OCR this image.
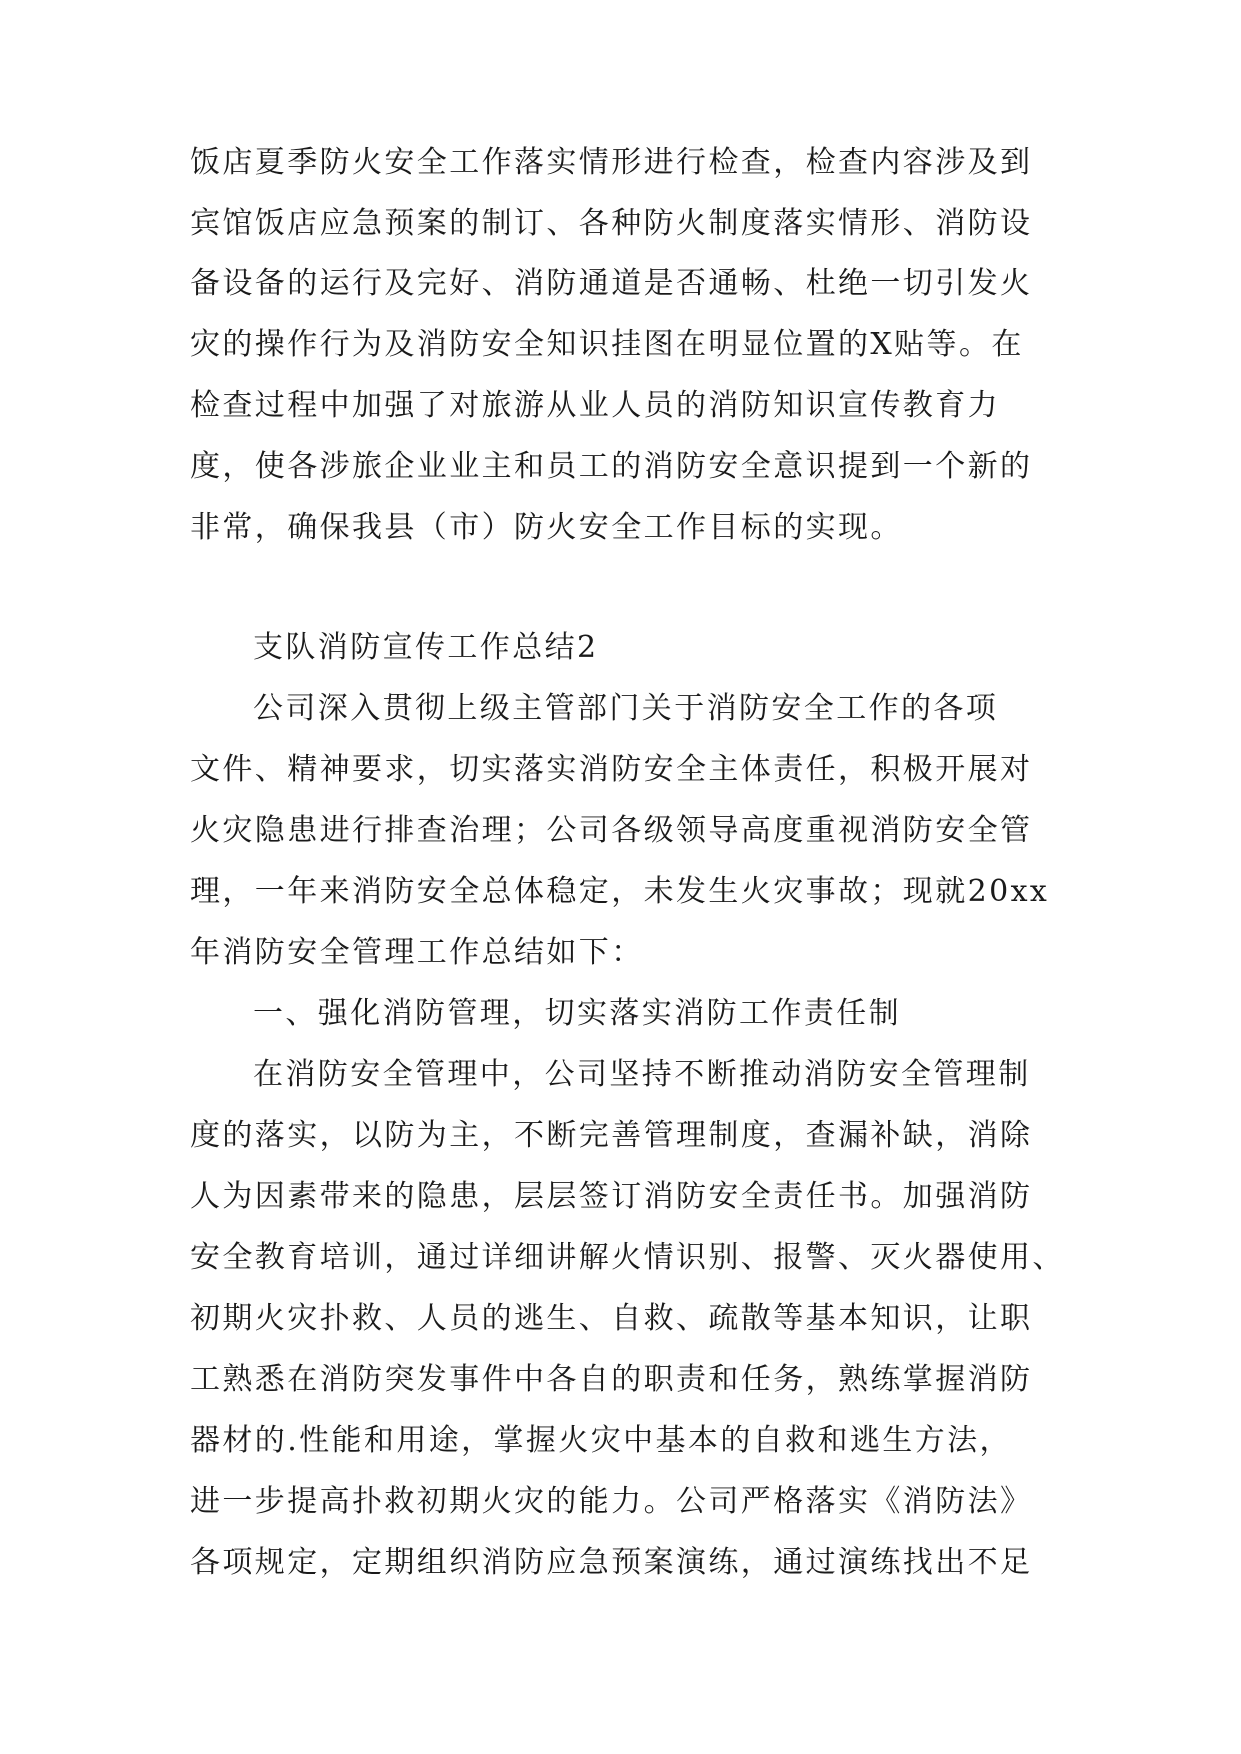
饭店夏季防火安全工作落实情形进行检查，检查内容涉及到
宾馆饭店应急预案的制订、各种防火制度落实情形、消防设
备设备的运行及完好、消防通道是否通畅、杜绝一切引发火
灾的操作行为及消防安全知识挂图在明显位置的X贴等。在
检查过程中加强了对旅游从业人员的消防知识宣传教育力
度，使各涉旅企业业主和员工的消防安全意识提到一个新的
非常，确保我县（市）防火安全工作目标的实现。
支队消防宣传工作总结2
公司深入贯彻上级主管部门关于消防安全工作的各项
文件、精神要求，切实落实消防安全主体责任，积极开展对
火灾隐患进行排查治理；公司各级领导高度重视消防安全管
理，一年来消防安全总体稳定，未发生火灾事故；现就20xx
年消防安全管理工作总结如下：
一、强化消防管理，切实落实消防工作责任制
在消防安全管理中，公司坚持不断推动消防安全管理制
度的落实，以防为主，不断完善管理制度，查漏补缺，消除
人为因素带来的隐患，层层签订消防安全责任书。加强消防
安全教育培训，通过详细讲解火情识别、报警、灭火器使用、
初期火灾扑救、人员的逃生、自救、疏散等基本知识，让职
工熟悉在消防突发事件中各自的职责和任务，熟练掌握消防
器材的.性能和用途，掌握火灾中基本的自救和逃生方法，
进一步提高扑救初期火灾的能力。公司严格落实《消防法》
各项规定，定期组织消防应急预案演练，通过演练找出不足
